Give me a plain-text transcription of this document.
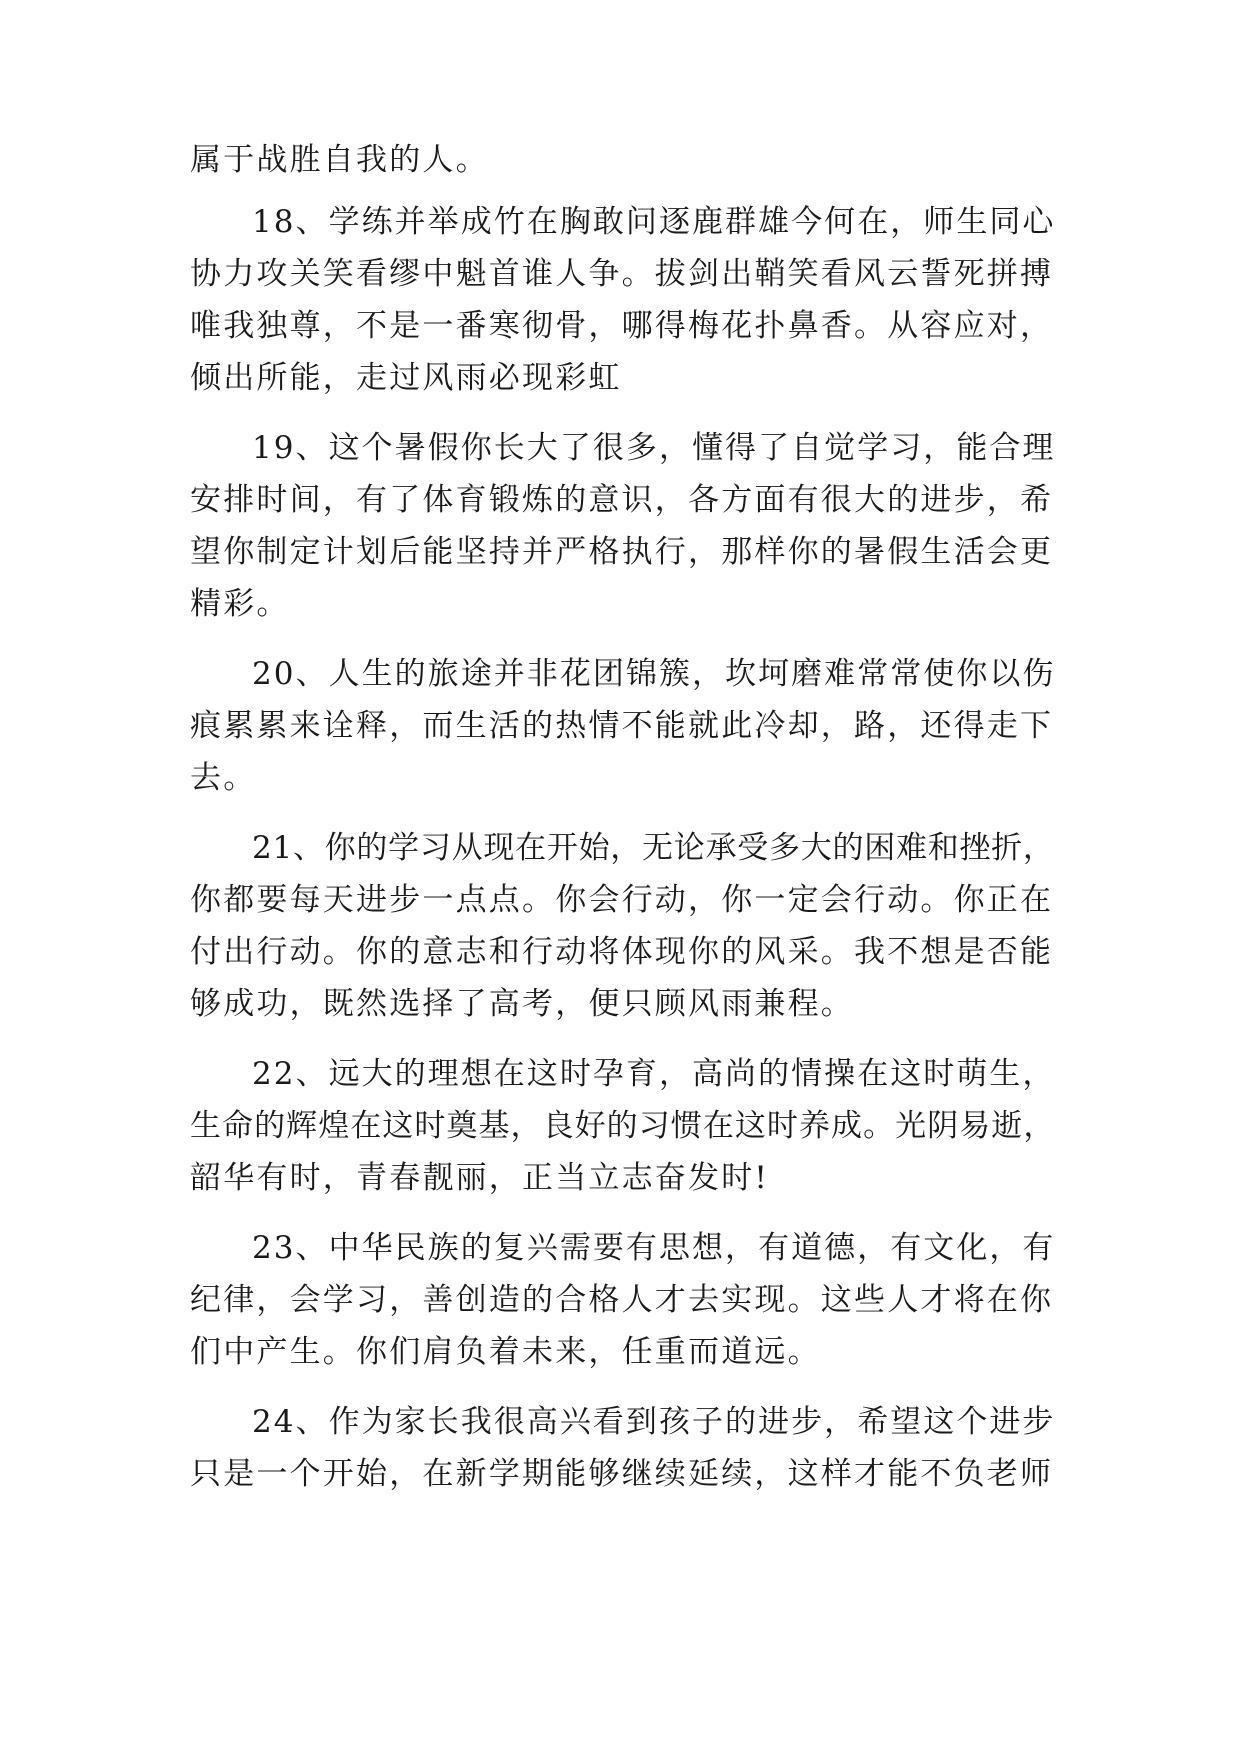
属于战胜自我的人。

18、学练并举成竹在胸敢问逐鹿群雄今何在，师生同心

协力攻关笑看缪中魁首谁人争。拔剑出鞘笑看风云誓死拼搏

唯我独尊，不是一番寒彻骨，哪得梅花扑鼻香。从容应对，

倾出所能，走过风雨必现彩虹

19、这个暑假你长大了很多，懂得了自觉学习，能合理

安排时间，有了体育锻炼的意识，各方面有很大的进步，希

望你制定计划后能坚持并严格执行，那样你的暑假生活会更

精彩。

20、人生的旅途并非花团锦簇，坎坷磨难常常使你以伤

痕累累来诠释，而生活的热情不能就此冷却，路，还得走下

去。

21、你的学习从现在开始，无论承受多大的困难和挫折，

你都要每天进步一点点。你会行动，你一定会行动。你正在

付出行动。你的意志和行动将体现你的风采。我不想是否能

够成功，既然选择了高考，便只顾风雨兼程。

22、远大的理想在这时孕育，高尚的情操在这时萌生，

生命的辉煌在这时奠基，良好的习惯在这时养成。光阴易逝，

韶华有时，青春靓丽，正当立志奋发时!

23、中华民族的复兴需要有思想，有道德，有文化，有

纪律，会学习，善创造的合格人才去实现。这些人才将在你

们中产生。你们肩负着未来，任重而道远。

24、作为家长我很高兴看到孩子的进步，希望这个进步

只是一个开始，在新学期能够继续延续，这样才能不负老师
